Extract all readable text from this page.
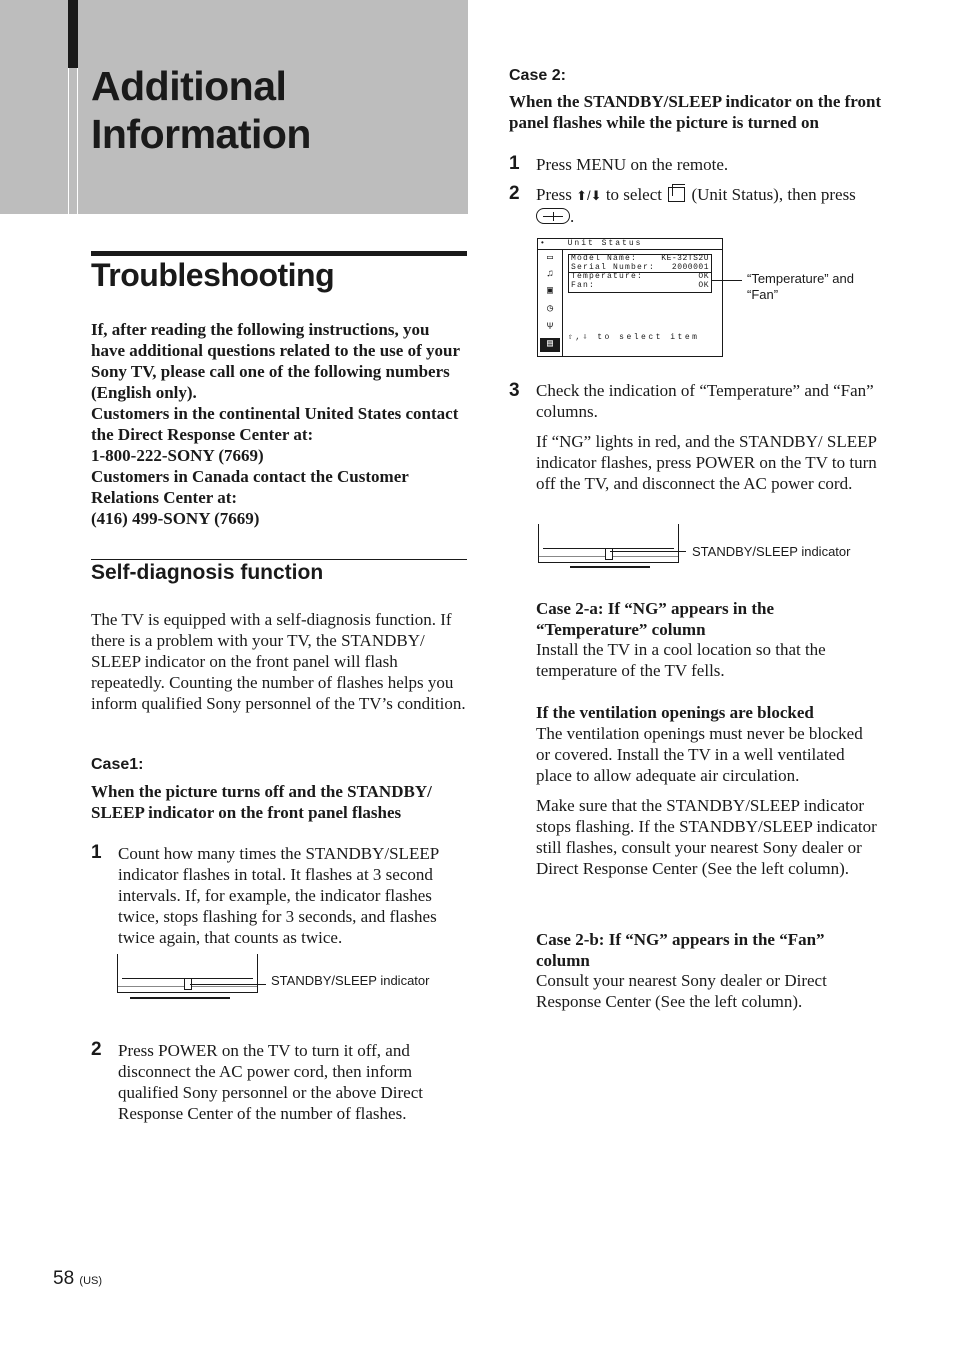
Additional
Information
Troubleshooting

If, after reading the following instructions, you have additional questions related to the use of your Sony TV, please call one of the following numbers (English only).

Customers in the continental United States contact the Direct Response Center at:

1-800-222-SONY (7669)

Customers in Canada contact the Customer Relations Center at:

(416) 499-SONY (7669)

Self-diagnosis function
The TV is equipped with a self-diagnosis function. If there is a problem with your TV, the STANDBY/ SLEEP indicator on the front panel will flash repeatedly. Counting the number of flashes helps you inform qualified Sony personnel of the TV’s condition.
Case1:
When the picture turns off and the STANDBY/ SLEEP indicator on the front panel flashes
1 Count how many times the STANDBY/SLEEP indicator flashes in total. It flashes at 3 second intervals. If, for example, the indicator flashes twice, stops flashing for 3 seconds, and flashes twice again, that counts as twice.
STANDBY/SLEEP indicator
2 Press POWER on the TV to turn it off, and disconnect the AC power cord, then inform qualified Sony personnel or the above Direct Response Center of the number of flashes.
Case 2:
When the STANDBY/SLEEP indicator on the front panel flashes while the picture is turned on
1 Press MENU on the remote.
2 Press ⬆/⬇ to select (Unit Status), then press
.
•	Unit Status
▭
♫
▣
◷
Ψ
▤
Model Name:	KE-32TS2U
Serial Number: 2000001
Temperature:	OK
Fan:	OK
⇧,⇩ to select item
“Temperature” and “Fan”
3 Check the indication of “Temperature” and “Fan” columns.
If “NG” lights in red, and the STANDBY/ SLEEP indicator flashes, press POWER on the TV to turn off the TV, and disconnect the AC power cord.
STANDBY/SLEEP indicator
Case 2-a: If “NG” appears in the “Temperature” column
Install the TV in a cool location so that the temperature of the TV fells.
If the ventilation openings are blocked
The ventilation openings must never be blocked or covered. Install the TV in a well ventilated place to allow adequate air circulation.
Make sure that the STANDBY/SLEEP indicator stops flashing. If the STANDBY/SLEEP indicator still flashes, consult your nearest Sony dealer or Direct Response Center (See the left column).
Case 2-b: If “NG” appears in the “Fan” column
Consult your nearest Sony dealer or Direct Response Center (See the left column).
58 (US)
